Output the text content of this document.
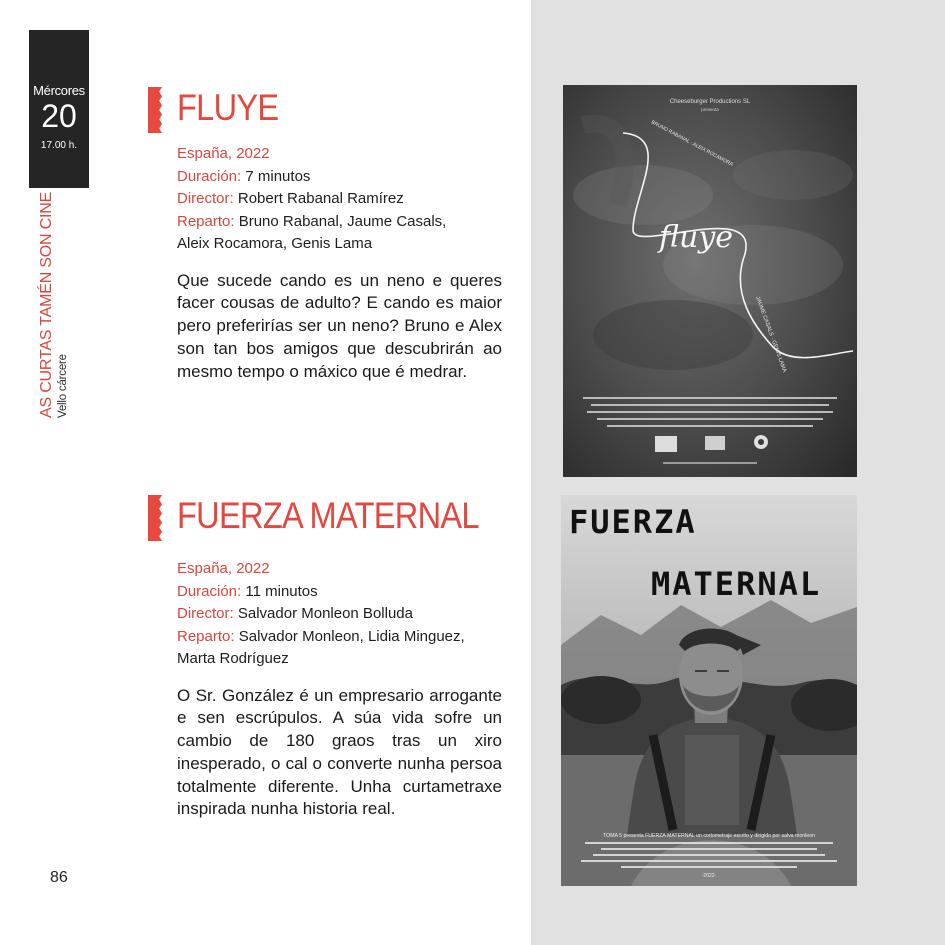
Mércores
20
17.00 h.
AS CURTAS TAMÉN SON CINE Vello cárcere
FLUYE
España, 2022
Duración: 7 minutos
Director: Robert Rabanal Ramírez
Reparto: Bruno Rabanal, Jaume Casals,
Aleix Rocamora, Genis Lama
Que sucede cando es un neno e queres facer cousas de adulto? E cando es maior pero preferirías ser un neno? Bruno e Alex son tan bos amigos que descubrirán ao mesmo tempo o máxico que é medrar.
FUERZA MATERNAL
España, 2022
Duración: 11 minutos
Director: Salvador Monleon Bolluda
Reparto: Salvador Monleon, Lidia Minguez,
Marta Rodríguez
O Sr. González é un empresario arrogante e sen escrúpulos. A súa vida sofre un cambio de 180 graos tras un xiro inesperado, o cal o converte nunha persoa totalmente diferente. Unha curtametraxe inspirada nunha historia real.
86
Cheeseburger Productions SL
presenta
BRUNO RABANAL · ALEIX ROCAMORA
fluye
JAUME CASALS · GENIS LAMA
FUERZA
MATERNAL
TOMA 5 presenta FUERZA MATERNAL un cortometraje escrito y dirigido por salva monleon
-2022-
